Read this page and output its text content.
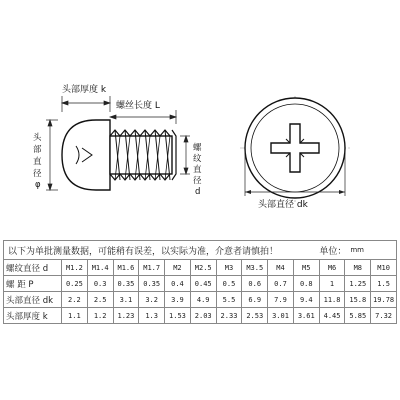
头部厚度 k
螺丝长度 L
头
部
直
径
φ
螺
纹
直
径
d
头部直径 dk
以下为单批测量数据，可能稍有误差，以实际为准，介意者请慎拍！	单位： mm
螺纹直径 d	M1.2	M1.4	M1.6	M1.7	M2	M2.5	M3	M3.5	M4	M5	M6	M8	M10
螺 距 P	0.25	0.3	0.35	0.35	0.4	0.45	0.5	0.6	0.7	0.8	1	1.25	1.5
头部直径 dk	2.2	2.5	3.1	3.2	3.9	4.9	5.5	6.9	7.9	9.4	11.8	15.8	19.78
头部厚度 k	1.1	1.2	1.23	1.3	1.53	2.03	2.33	2.53	3.01	3.61	4.45	5.85	7.32
